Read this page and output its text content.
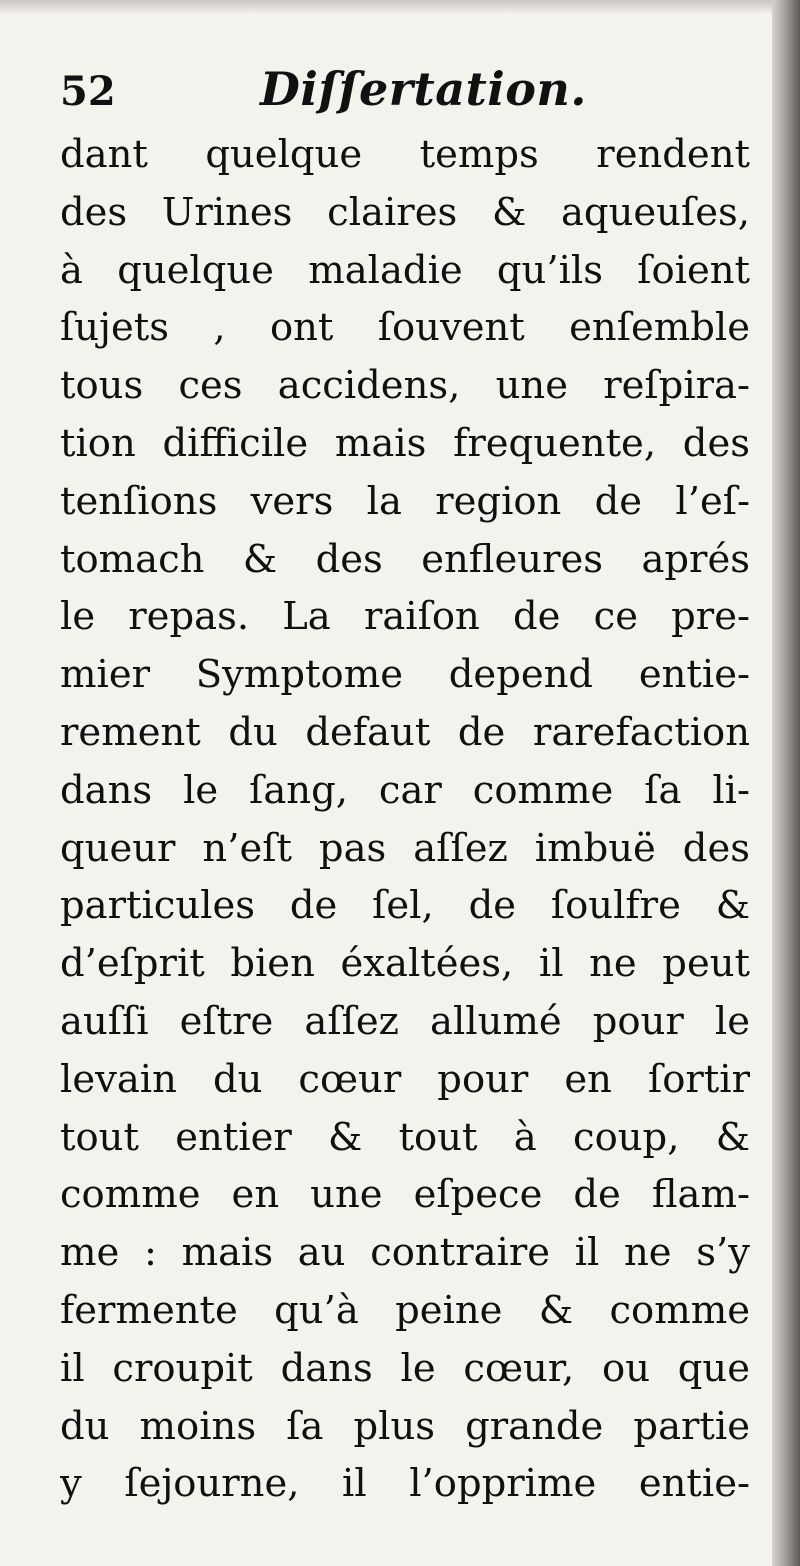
52	Diſſertation.
dant quelque temps rendent
des Urines claires & aqueuſes,
à quelque maladie qu’ils ſoient
ſujets , ont ſouvent enſemble
tous ces accidens, une reſpira-
tion difficile mais frequente, des
tenſions vers la region de l’eſ-
tomach & des enfleures aprés
le repas. La raiſon de ce pre-
mier Symptome depend entie-
rement du defaut de rarefaction
dans le ſang, car comme ſa li-
queur n’eſt pas aſſez imbuë des
particules de ſel, de ſoulfre &
d’eſprit bien éxaltées, il ne peut
auſſi eſtre aſſez allumé pour le
levain du cœur pour en ſortir
tout entier & tout à coup, &
comme en une eſpece de flam-
me : mais au contraire il ne s’y
fermente qu’à peine & comme
il croupit dans le cœur, ou que
du moins ſa plus grande partie
y ſejourne, il l’opprime entie-
